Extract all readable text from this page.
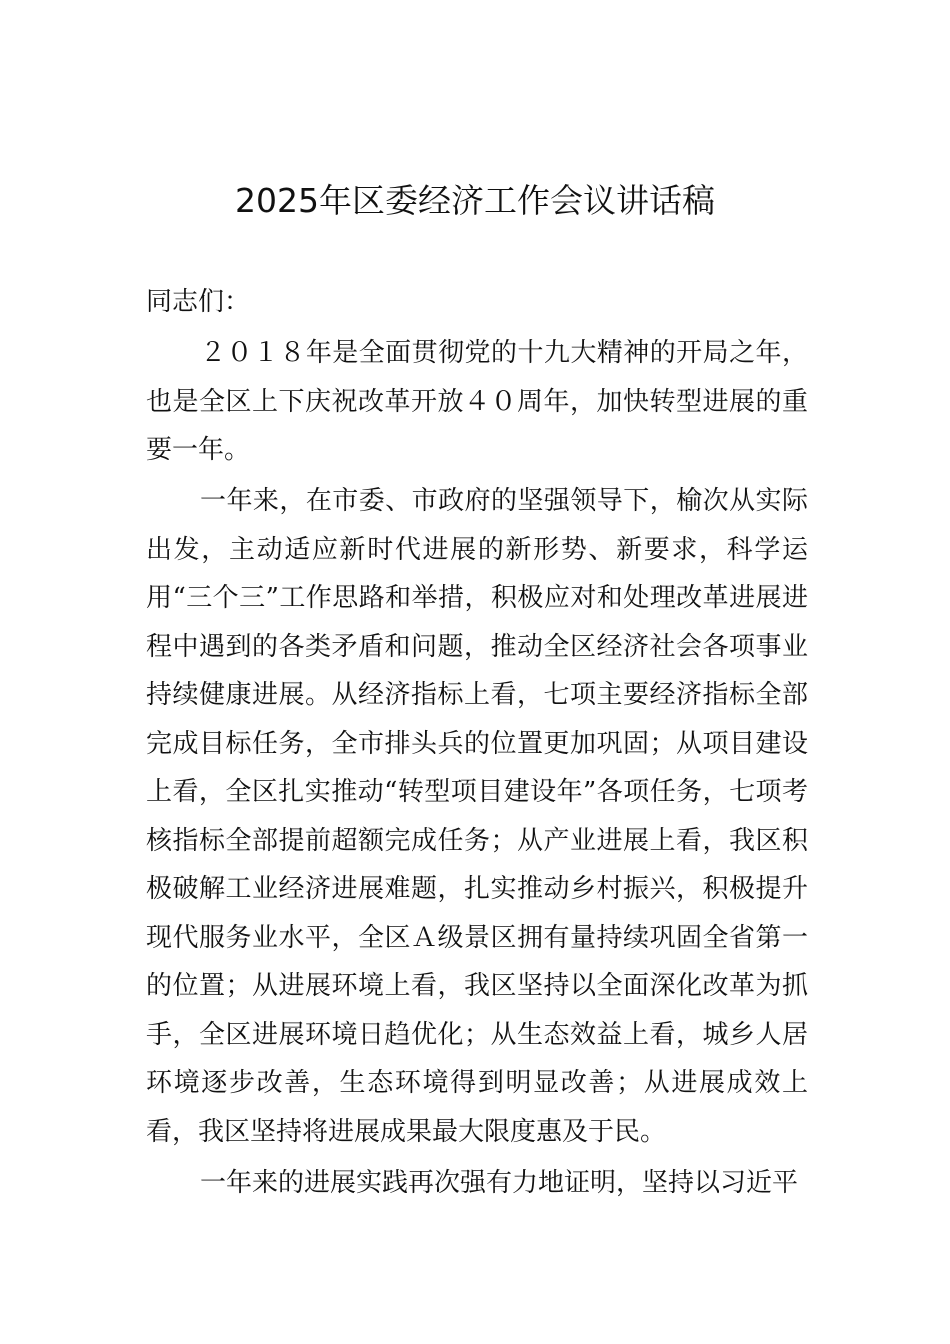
2025年区委经济工作会议讲话稿

同志们：

２０１８年是全面贯彻党的十九大精神的开局之年，也是全区上下庆祝改革开放４０周年，加快转型进展的重要一年。

一年来，在市委、市政府的坚强领导下，榆次从实际出发，主动适应新时代进展的新形势、新要求，科学运用“三个三”工作思路和举措，积极应对和处理改革进展进程中遇到的各类矛盾和问题，推动全区经济社会各项事业持续健康进展。从经济指标上看，七项主要经济指标全部完成目标任务，全市排头兵的位置更加巩固；从项目建设上看，全区扎实推动“转型项目建设年”各项任务，七项考核指标全部提前超额完成任务；从产业进展上看，我区积极破解工业经济进展难题，扎实推动乡村振兴，积极提升现代服务业水平，全区Ａ级景区拥有量持续巩固全省第一的位置；从进展环境上看，我区坚持以全面深化改革为抓手，全区进展环境日趋优化；从生态效益上看，城乡人居环境逐步改善，生态环境得到明显改善；从进展成效上看，我区坚持将进展成果最大限度惠及于民。

一年来的进展实践再次强有力地证明，坚持以习近平
